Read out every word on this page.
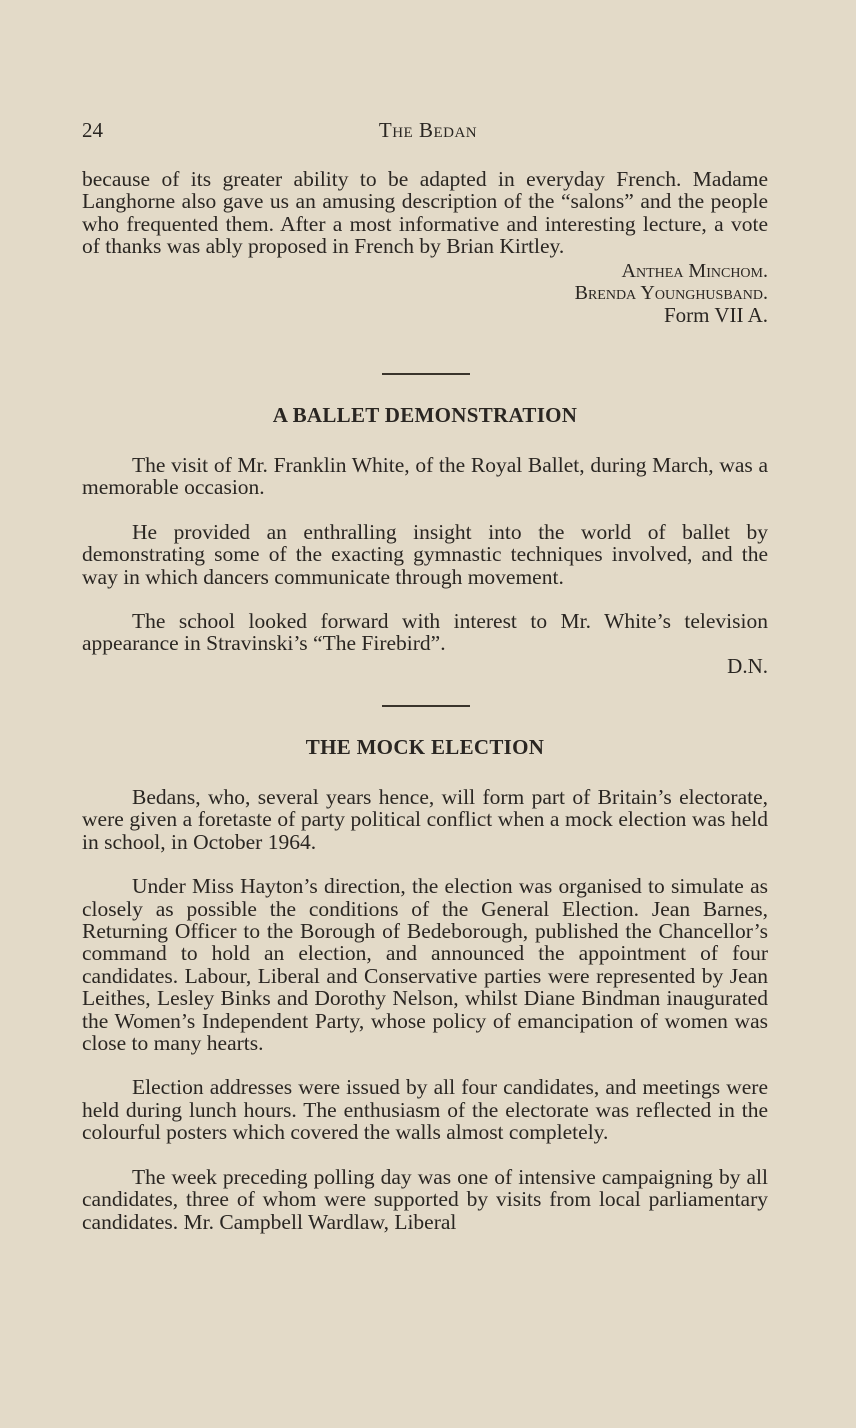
24	The Bedan

because of its greater ability to be adapted in everyday French. Madame Langhorne also gave us an amusing description of the “salons” and the people who frequented them. After a most informative and interesting lecture, a vote of thanks was ably proposed in French by Brian Kirtley.

Anthea Minchom.
Brenda Younghusband.
Form VII A.
A BALLET DEMONSTRATION

The visit of Mr. Franklin White, of the Royal Ballet, during March, was a memorable occasion.

He provided an enthralling insight into the world of ballet by demonstrating some of the exacting gymnastic techniques involved, and the way in which dancers communicate through movement.

The school looked forward with interest to Mr. White’s television appearance in Stravinski’s “The Firebird”.

D.N.
THE MOCK ELECTION

Bedans, who, several years hence, will form part of Britain’s electorate, were given a foretaste of party political conflict when a mock election was held in school, in October 1964.

Under Miss Hayton’s direction, the election was organised to simulate as closely as possible the conditions of the General Election. Jean Barnes, Returning Officer to the Borough of Bedeborough, published the Chancellor’s command to hold an election, and announced the appointment of four candidates. Labour, Liberal and Conservative parties were represented by Jean Leithes, Lesley Binks and Dorothy Nelson, whilst Diane Bindman inaugurated the Women’s Independent Party, whose policy of emancipation of women was close to many hearts.

Election addresses were issued by all four candidates, and meetings were held during lunch hours. The enthusiasm of the electorate was reflected in the colourful posters which covered the walls almost completely.

The week preceding polling day was one of intensive campaigning by all candidates, three of whom were supported by visits from local parliamentary candidates. Mr. Campbell Wardlaw, Liberal
